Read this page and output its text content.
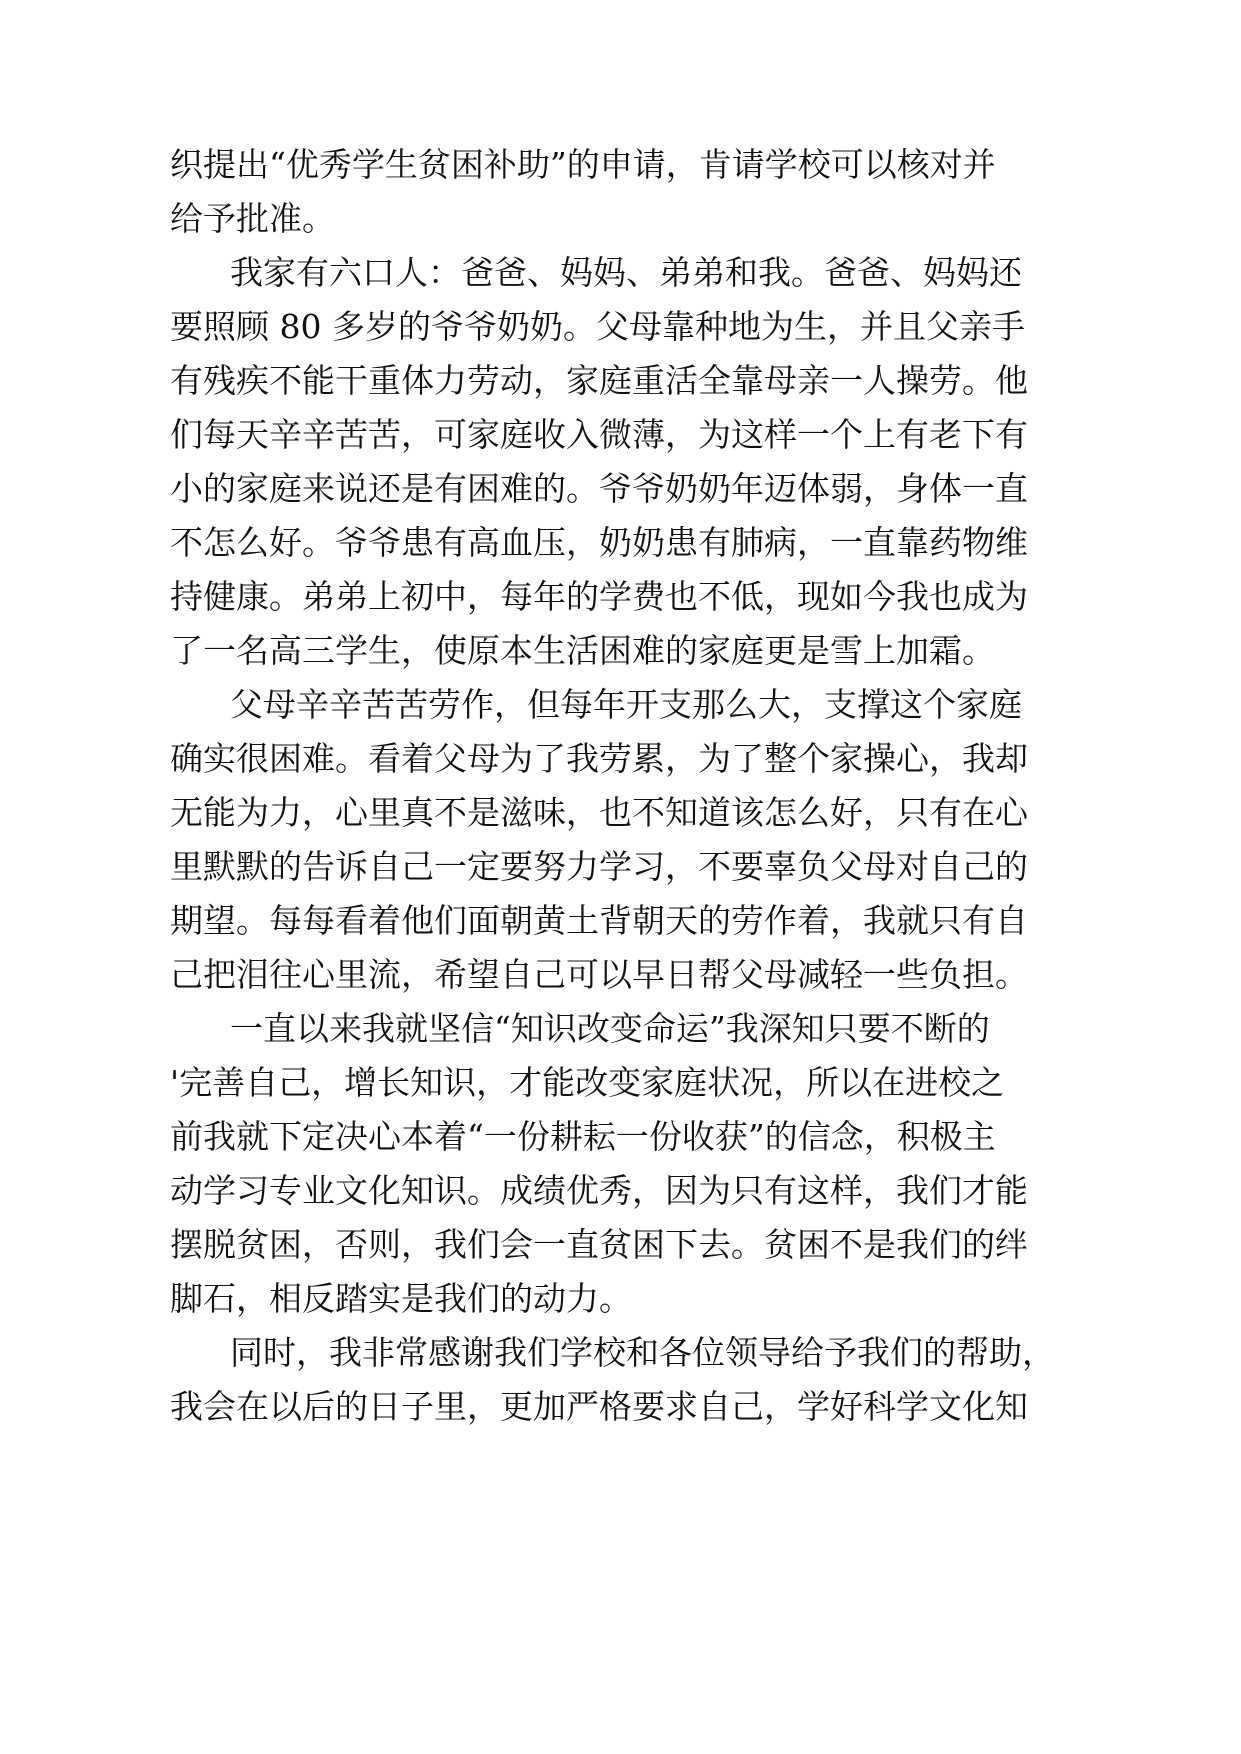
织提出“优秀学生贫困补助”的申请，肯请学校可以核对并

给予批准。

我家有六口人：爸爸、妈妈、弟弟和我。爸爸、妈妈还

要照顾 80 多岁的爷爷奶奶。父母靠种地为生，并且父亲手

有残疾不能干重体力劳动，家庭重活全靠母亲一人操劳。他

们每天辛辛苦苦，可家庭收入微薄，为这样一个上有老下有

小的家庭来说还是有困难的。爷爷奶奶年迈体弱，身体一直

不怎么好。爷爷患有高血压，奶奶患有肺病，一直靠药物维

持健康。弟弟上初中，每年的学费也不低，现如今我也成为

了一名高三学生，使原本生活困难的家庭更是雪上加霜。

父母辛辛苦苦劳作，但每年开支那么大，支撑这个家庭

确实很困难。看着父母为了我劳累，为了整个家操心，我却

无能为力，心里真不是滋味，也不知道该怎么好，只有在心

里默默的告诉自己一定要努力学习，不要辜负父母对自己的

期望。每每看着他们面朝黄土背朝天的劳作着，我就只有自

己把泪往心里流，希望自己可以早日帮父母减轻一些负担。

一直以来我就坚信“知识改变命运”我深知只要不断的

'完善自己，增长知识，才能改变家庭状况，所以在进校之

前我就下定决心本着“一份耕耘一份收获”的信念，积极主

动学习专业文化知识。成绩优秀，因为只有这样，我们才能

摆脱贫困，否则，我们会一直贫困下去。贫困不是我们的绊

脚石，相反踏实是我们的动力。

同时，我非常感谢我们学校和各位领导给予我们的帮助，

我会在以后的日子里，更加严格要求自己，学好科学文化知
